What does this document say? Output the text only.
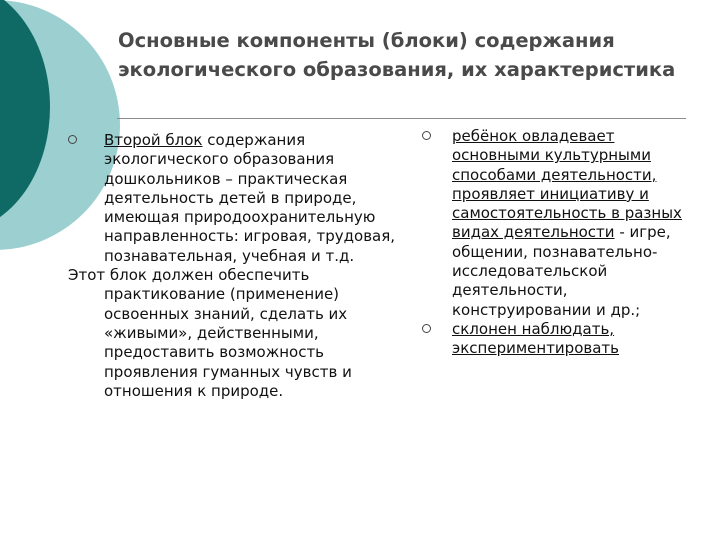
Основные компоненты (блоки) содержания экологического образования, их характеристика

Второй блок содержания экологического образования дошкольников – практическая деятельность детей в природе, имеющая природоохранительную направленность: игровая, трудовая, познавательная, учебная и т.д.

Этот блок должен обеспечить практикование (применение) освоенных знаний, сделать их «живыми», действенными, предоставить возможность проявления гуманных чувств и отношения к природе.

ребёнок овладевает основными культурными способами деятельности, проявляет инициативу и самостоятельность в разных видах деятельности - игре, общении, познавательно-исследовательской деятельности, конструировании и др.;

склонен наблюдать, экспериментировать
